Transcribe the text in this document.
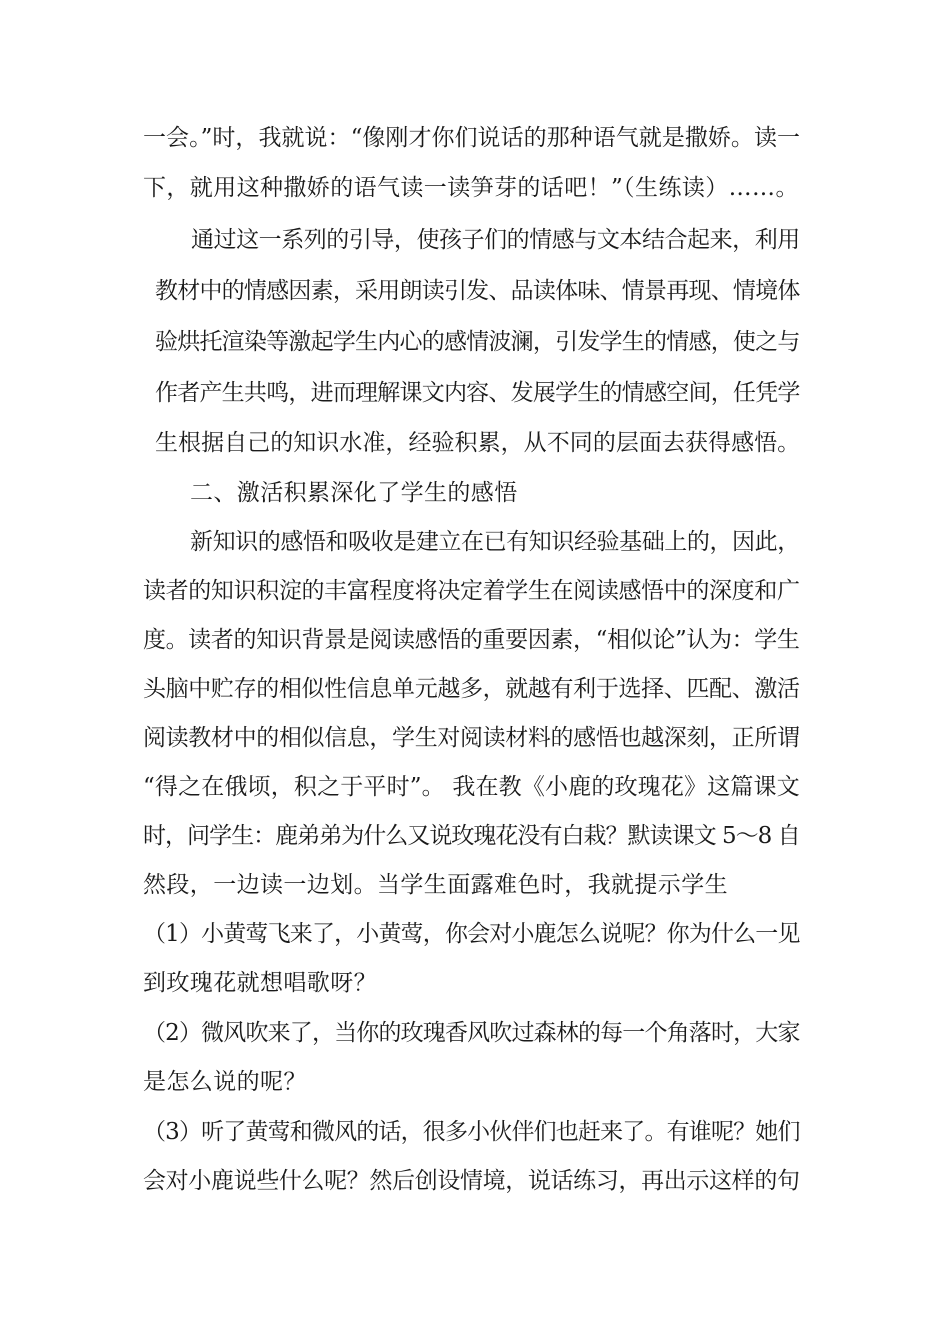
一会。”时，我就说：“像刚才你们说话的那种语气就是撒娇。读一
下，就用这种撒娇的语气读一读笋芽的话吧！”（生练读）……。
通过这一系列的引导，使孩子们的情感与文本结合起来，利用
教材中的情感因素，采用朗读引发、品读体味、情景再现、情境体
验烘托渲染等激起学生内心的感情波澜，引发学生的情感，使之与
作者产生共鸣，进而理解课文内容、发展学生的情感空间，任凭学
生根据自己的知识水准，经验积累，从不同的层面去获得感悟。
二、激活积累深化了学生的感悟
新知识的感悟和吸收是建立在已有知识经验基础上的，因此，
读者的知识积淀的丰富程度将决定着学生在阅读感悟中的深度和广
度。读者的知识背景是阅读感悟的重要因素，“相似论”认为：学生
头脑中贮存的相似性信息单元越多，就越有利于选择、匹配、激活
阅读教材中的相似信息，学生对阅读材料的感悟也越深刻，正所谓
“得之在俄顷，积之于平时”。 我在教《小鹿的玫瑰花》这篇课文
时，问学生：鹿弟弟为什么又说玫瑰花没有白栽？默读课文 5～8 自
然段，一边读一边划。当学生面露难色时，我就提示学生
（1）小黄莺飞来了，小黄莺，你会对小鹿怎么说呢？你为什么一见
到玫瑰花就想唱歌呀？
（2）微风吹来了，当你的玫瑰香风吹过森林的每一个角落时，大家
是怎么说的呢？
（3）听了黄莺和微风的话，很多小伙伴们也赶来了。有谁呢？她们
会对小鹿说些什么呢？然后创设情境，说话练习，再出示这样的句
